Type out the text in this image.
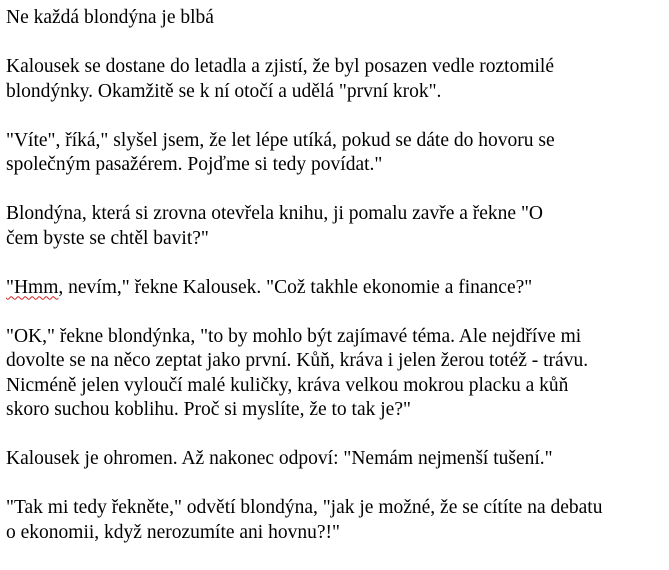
Ne každá blondýna je blbá

Kalousek se dostane do letadla a zjistí, že byl posazen vedle roztomilé
blondýnky. Okamžitě se k ní otočí a udělá "první krok".

"Víte", říká," slyšel jsem, že let lépe utíká, pokud se dáte do hovoru se
společným pasažérem. Pojďme si tedy povídat."

Blondýna, která si zrovna otevřela knihu, ji pomalu zavře a řekne "O
čem byste se chtěl bavit?"

"Hmm, nevím," řekne Kalousek. "Což takhle ekonomie a finance?"

"OK," řekne blondýnka, "to by mohlo být zajímavé téma. Ale nejdříve mi
dovolte se na něco zeptat jako první. Kůň, kráva i jelen žerou totéž - trávu.
Nicméně jelen vyloučí malé kuličky, kráva velkou mokrou placku a kůň
skoro suchou koblihu. Proč si myslíte, že to tak je?"

Kalousek je ohromen. Až nakonec odpoví: "Nemám nejmenší tušení."

"Tak mi tedy řekněte," odvětí blondýna, "jak je možné, že se cítíte na debatu
o ekonomii, když nerozumíte ani hovnu?!"
